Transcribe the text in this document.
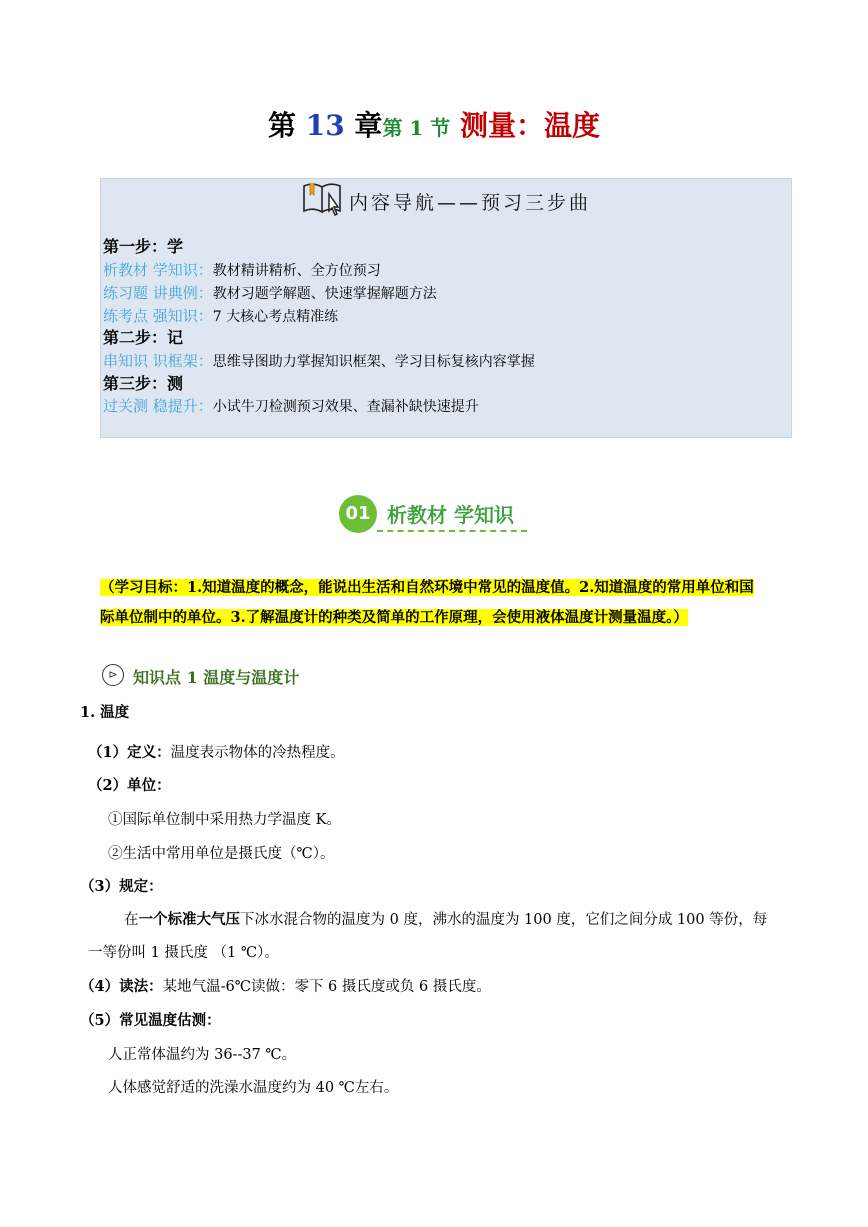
第 13 章第 1 节 测量：温度
内容导航——预习三步曲
第一步：学
析教材 学知识：教材精讲精析、全方位预习
练习题 讲典例：教材习题学解题、快速掌握解题方法
练考点 强知识：7 大核心考点精准练
第二步：记
串知识 识框架：思维导图助力掌握知识框架、学习目标复核内容掌握
第三步：测
过关测 稳提升：小试牛刀检测预习效果、查漏补缺快速提升
01 析教材 学知识
（学习目标：1.知道温度的概念，能说出生活和自然环境中常见的温度值。2.知道温度的常用单位和国
际单位制中的单位。3.了解温度计的种类及简单的工作原理，会使用液体温度计测量温度。）
⊳ 知识点 1 温度与温度计
1. 温度
（1）定义：温度表示物体的冷热程度。
（2）单位：
①国际单位制中采用热力学温度 K。
②生活中常用单位是摄氏度（℃）。
（3）规定：
在一个标准大气压下冰水混合物的温度为 0 度，沸水的温度为 100 度，它们之间分成 100 等份，每
一等份叫 1 摄氏度 （1 ℃）。
（4）读法：某地气温-6℃读做：零下 6 摄氏度或负 6 摄氏度。
（5）常见温度估测：
人正常体温约为 36--37 ℃。
人体感觉舒适的洗澡水温度约为 40 ℃左右。
